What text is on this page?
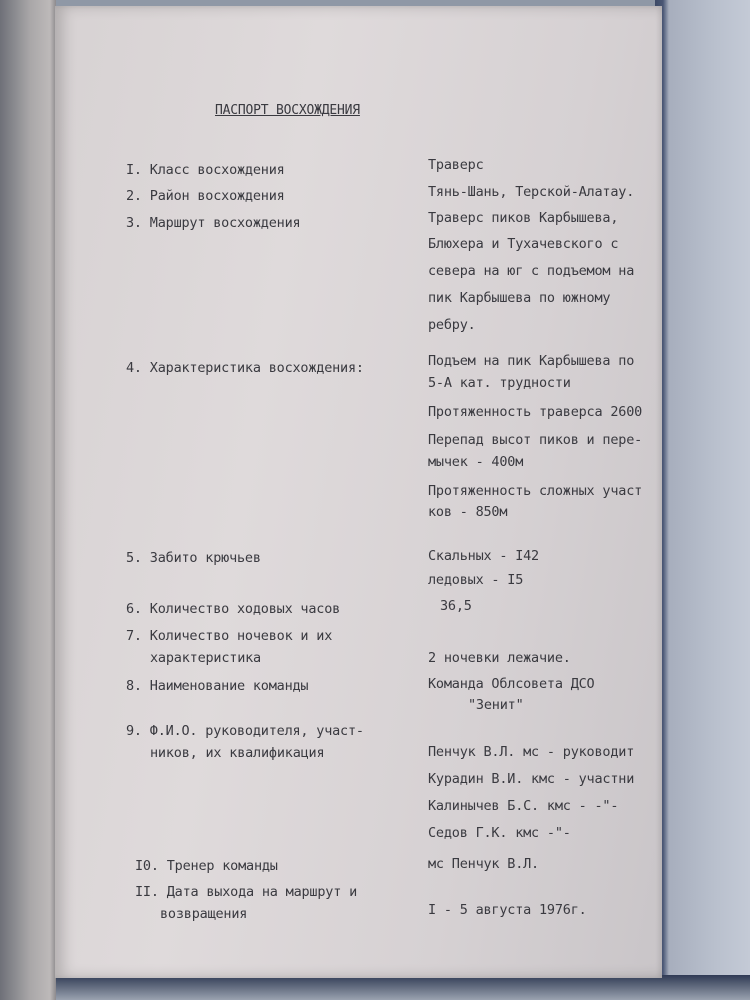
ПАСПОРТ ВОСХОЖДЕНИЯ
I. Класс восхождения	Траверс
2. Район восхождения	Тянь-Шань, Терской-Алатау.
3. Маршрут восхождения	Траверс пиков Карбышева,
Блюхера и Тухачевского с
севера на юг с подъемом на
пик Карбышева по южному
ребру.
4. Характеристика восхождения:	Подъем на пик Карбышева по
5-А кат. трудности
Протяженность траверса 2600
Перепад высот пиков и пере-
мычек - 400м
Протяженность сложных участ
ков - 850м
5. Забито крючьев	Скальных - I42
ледовых - I5
6. Количество ходовых часов	36,5
7. Количество ночевок и их
характеристика	2 ночевки лежачие.
8. Наименование команды	Команда Облсовета ДСО
"Зенит"
9. Ф.И.О. руководителя, участ-
ников, их квалификация	Пенчук В.Л. мс - руководит
Курадин В.И. кмс - участни
Калинычев Б.С. кмс - -"-
Седов Г.К. кмс -"-
I0. Тренер команды	мс Пенчук В.Л.
II. Дата выхода на маршрут и
возвращения	I - 5 августа 1976г.
